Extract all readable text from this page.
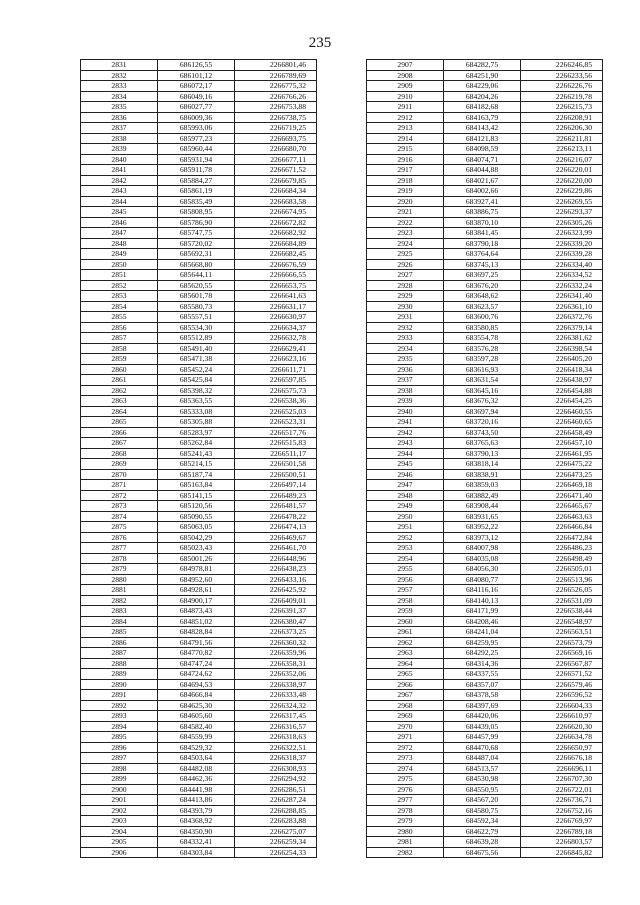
235
2831	686126,55	2266801,46
2832	686101,12	2266789,69
2833	686072,17	2266775,32
2834	686049,16	2266766,26
2835	686027,77	2266753,88
2836	686009,36	2266738,75
2837	685993,06	2266719,25
2838	685977,23	2266693,75
2839	685960,44	2266680,70
2840	685931,94	2266677,11
2841	685911,78	2266671,52
2842	685884,27	2266679,85
2843	685861,19	2266684,34
2844	685835,49	2266683,58
2845	685808,95	2266674,95
2846	685786,90	2266672,82
2847	685747,75	2266682,92
2848	685720,02	2266684,89
2849	685692,31	2266682,45
2850	685668,80	2266676,59
2851	685644,11	2266666,55
2852	685620,55	2266653,75
2853	685601,78	2266641,63
2854	685580,73	2266631,17
2855	685557,51	2266630,97
2856	685534,30	2266634,37
2857	685512,89	2266632,78
2858	685491,40	2266629,41
2859	685471,38	2266623,16
2860	685452,24	2266611,71
2861	685425,84	2266597,85
2862	685398,32	2266575,73
2863	685363,55	2266538,36
2864	685333,08	2266525,03
2865	685305,88	2266523,31
2866	685283,97	2266517,76
2867	685262,84	2266515,83
2868	685241,43	2266511,17
2869	685214,15	2266501,58
2870	685187,74	2266500,51
2871	685163,84	2266497,14
2872	685141,15	2266489,23
2873	685120,56	2266481,57
2874	685090,55	2266478,22
2875	685063,05	2266474,13
2876	685042,29	2266469,67
2877	685023,43	2266461,70
2878	685001,26	2266448,96
2879	684978,81	2266438,23
2880	684952,60	2266433,16
2881	684928,61	2266425,92
2882	684900,17	2266409,01
2883	684873,43	2266391,37
2884	684851,02	2266380,47
2885	684828,84	2266373,25
2886	684791,56	2266360,32
2887	684770,82	2266359,96
2888	684747,24	2266358,31
2889	684724,62	2266352,06
2890	684694,53	2266338,97
2891	684666,84	2266333,48
2892	684625,30	2266324,32
2893	684605,60	2266317,45
2894	684582,40	2266316,57
2895	684559,99	2266318,63
2896	684529,32	2266322,51
2897	684503,64	2266318,37
2898	684482,08	2266308,93
2899	684462,36	2266294,92
2900	684441,98	2266286,51
2901	684413,86	2266287,24
2902	684393,79	2266288,85
2903	684368,92	2266283,88
2904	684350,90	2266275,07
2905	684332,41	2266259,34
2906	684303,84	2266254,33
2907	684282,75	2266246,85
2908	684251,90	2266233,56
2909	684229,06	2266226,76
2910	684204,26	2266219,78
2911	684182,68	2266215,73
2912	684163,79	2266208,91
2913	684143,42	2266206,30
2914	684121,83	2266211,81
2915	684098,59	2266213,11
2916	684074,71	2266216,07
2917	684044,88	2266220,01
2918	684021,67	2266220,00
2919	684002,66	2266229,86
2920	683927,41	2266269,55
2921	683886,75	2266293,37
2922	683870,10	2266305,26
2923	683841,45	2266323,99
2924	683790,18	2266339,20
2925	683764,64	2266339,28
2926	683745,13	2266334,40
2927	683697,25	2266334,52
2928	683676,20	2266332,24
2929	683648,62	2266341,40
2930	683623,57	2266361,10
2931	683600,76	2266372,76
2932	683580,85	2266379,14
2933	683554,78	2266381,62
2934	683576,28	2266398,54
2935	683597,28	2266405,20
2936	683616,93	2266418,34
2937	683631,54	2266438,97
2938	683645,16	2266454,88
2939	683676,32	2266454,25
2940	683697,94	2266460,55
2941	683720,16	2266460,65
2942	683743,50	2266458,49
2943	683765,63	2266457,10
2944	683790,13	2266461,95
2945	683818,14	2266475,22
2946	683838,91	2266473,25
2947	683859,03	2266469,18
2948	683882,49	2266471,40
2949	683908,44	2266465,67
2950	683931,65	2266463,63
2951	683952,22	2266466,84
2952	683973,12	2266472,84
2953	684007,98	2266486,23
2954	684035,08	2266498,49
2955	684056,30	2266505,01
2956	684080,77	2266513,96
2957	684116,16	2266526,05
2958	684140,13	2266531,09
2959	684171,99	2266538,44
2960	684208,46	2266548,97
2961	684241,04	2266563,51
2962	684259,95	2266573,79
2963	684292,25	2266569,16
2964	684314,36	2266567,87
2965	684337,55	2266571,52
2966	684357,07	2266579,46
2967	684378,58	2266596,52
2968	684397,69	2266604,33
2969	684420,06	2266610,97
2970	684439,05	2266620,30
2971	684457,99	2266634,78
2972	684470,68	2266650,97
2973	684487,04	2266676,18
2974	684513,57	2266696,11
2975	684530,98	2266707,30
2976	684550,95	2266722,01
2977	684567,20	2266736,71
2978	684580,75	2266752,16
2979	684592,34	2266769,97
2980	684622,79	2266789,18
2981	684639,28	2266803,57
2982	684675,56	2266845,82
